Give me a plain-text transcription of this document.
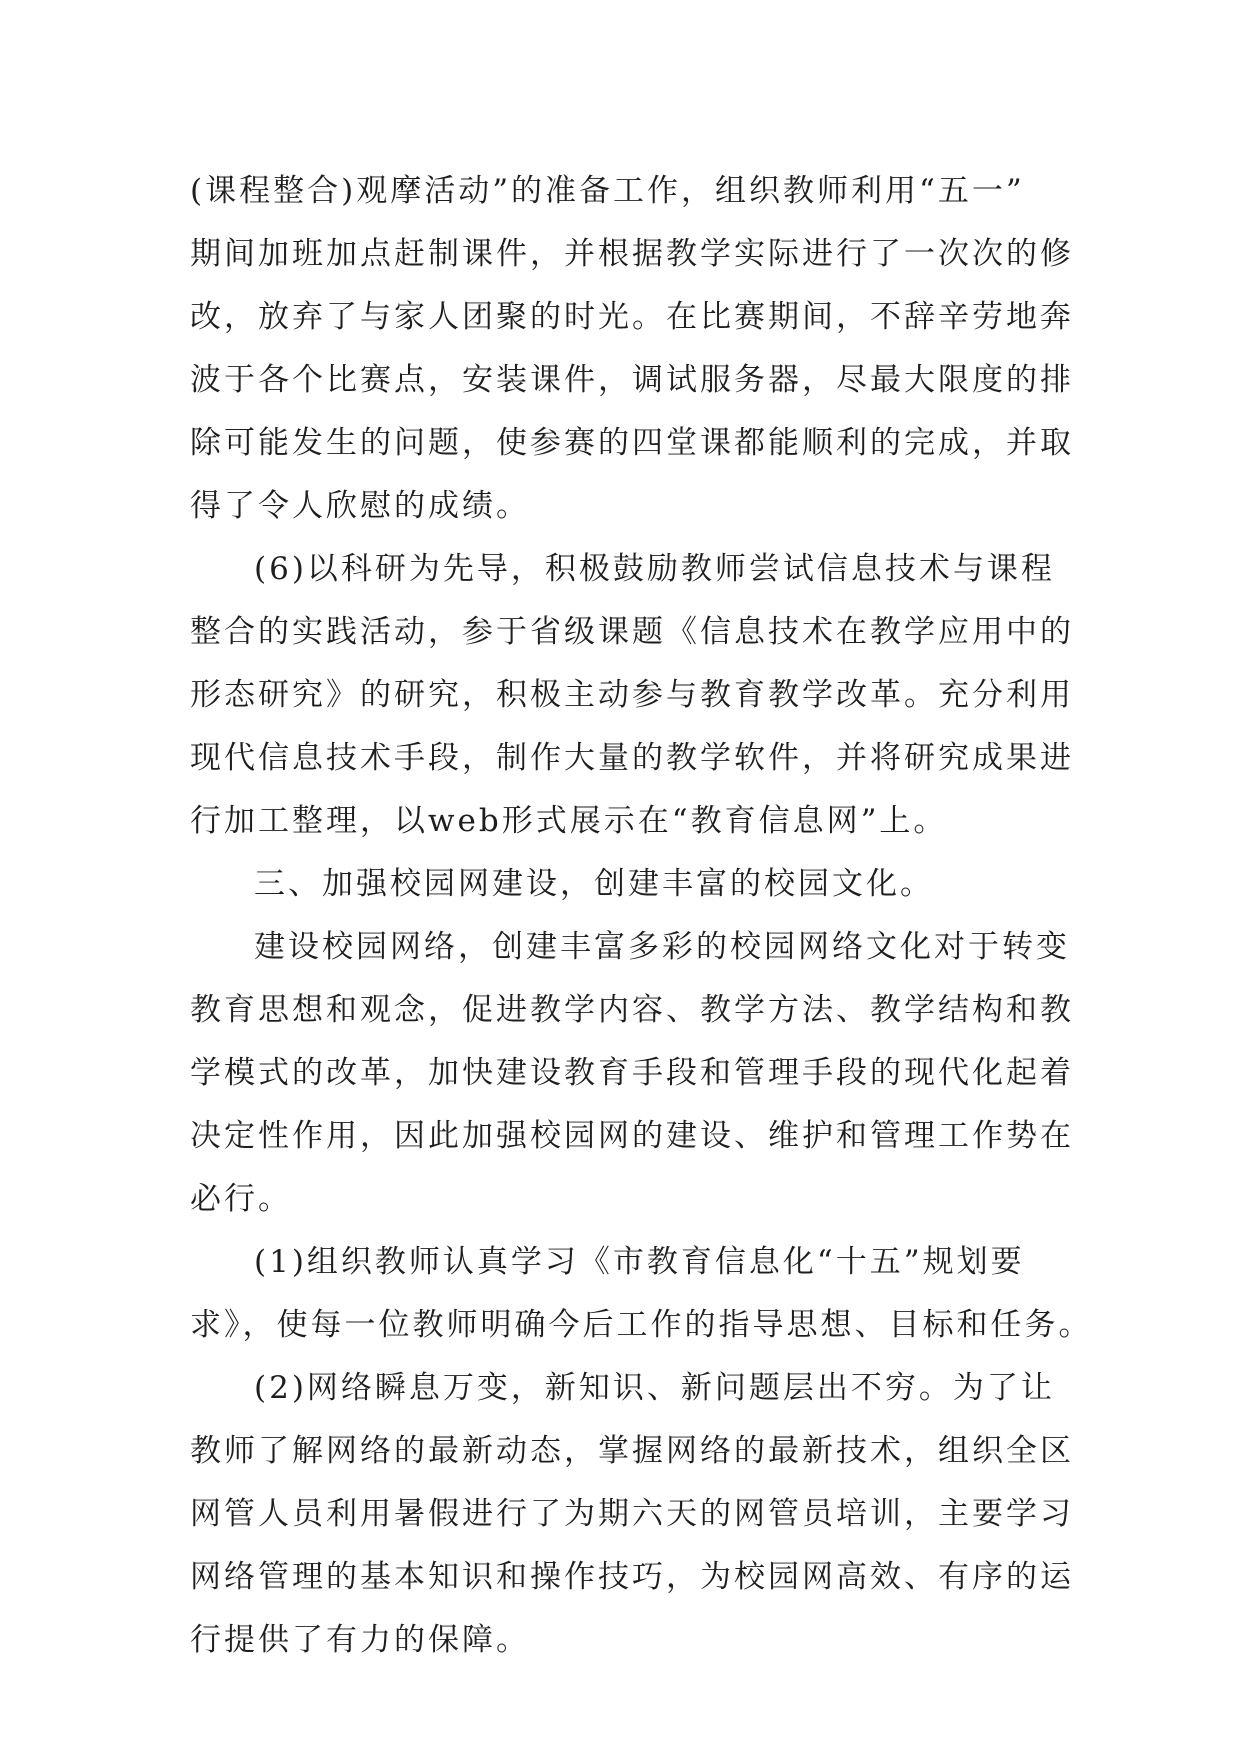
(课程整合)观摩活动”的准备工作，组织教师利用“五一”
期间加班加点赶制课件，并根据教学实际进行了一次次的修
改，放弃了与家人团聚的时光。在比赛期间，不辞辛劳地奔
波于各个比赛点，安装课件，调试服务器，尽最大限度的排
除可能发生的问题，使参赛的四堂课都能顺利的完成，并取
得了令人欣慰的成绩。
(6)以科研为先导，积极鼓励教师尝试信息技术与课程
整合的实践活动，参于省级课题《信息技术在教学应用中的
形态研究》的研究，积极主动参与教育教学改革。充分利用
现代信息技术手段，制作大量的教学软件，并将研究成果进
行加工整理，以web形式展示在“教育信息网”上。
三、加强校园网建设，创建丰富的校园文化。
建设校园网络，创建丰富多彩的校园网络文化对于转变
教育思想和观念，促进教学内容、教学方法、教学结构和教
学模式的改革，加快建设教育手段和管理手段的现代化起着
决定性作用，因此加强校园网的建设、维护和管理工作势在
必行。
(1)组织教师认真学习《市教育信息化“十五”规划要
求》，使每一位教师明确今后工作的指导思想、目标和任务。
(2)网络瞬息万变，新知识、新问题层出不穷。为了让
教师了解网络的最新动态，掌握网络的最新技术，组织全区
网管人员利用暑假进行了为期六天的网管员培训，主要学习
网络管理的基本知识和操作技巧，为校园网高效、有序的运
行提供了有力的保障。
